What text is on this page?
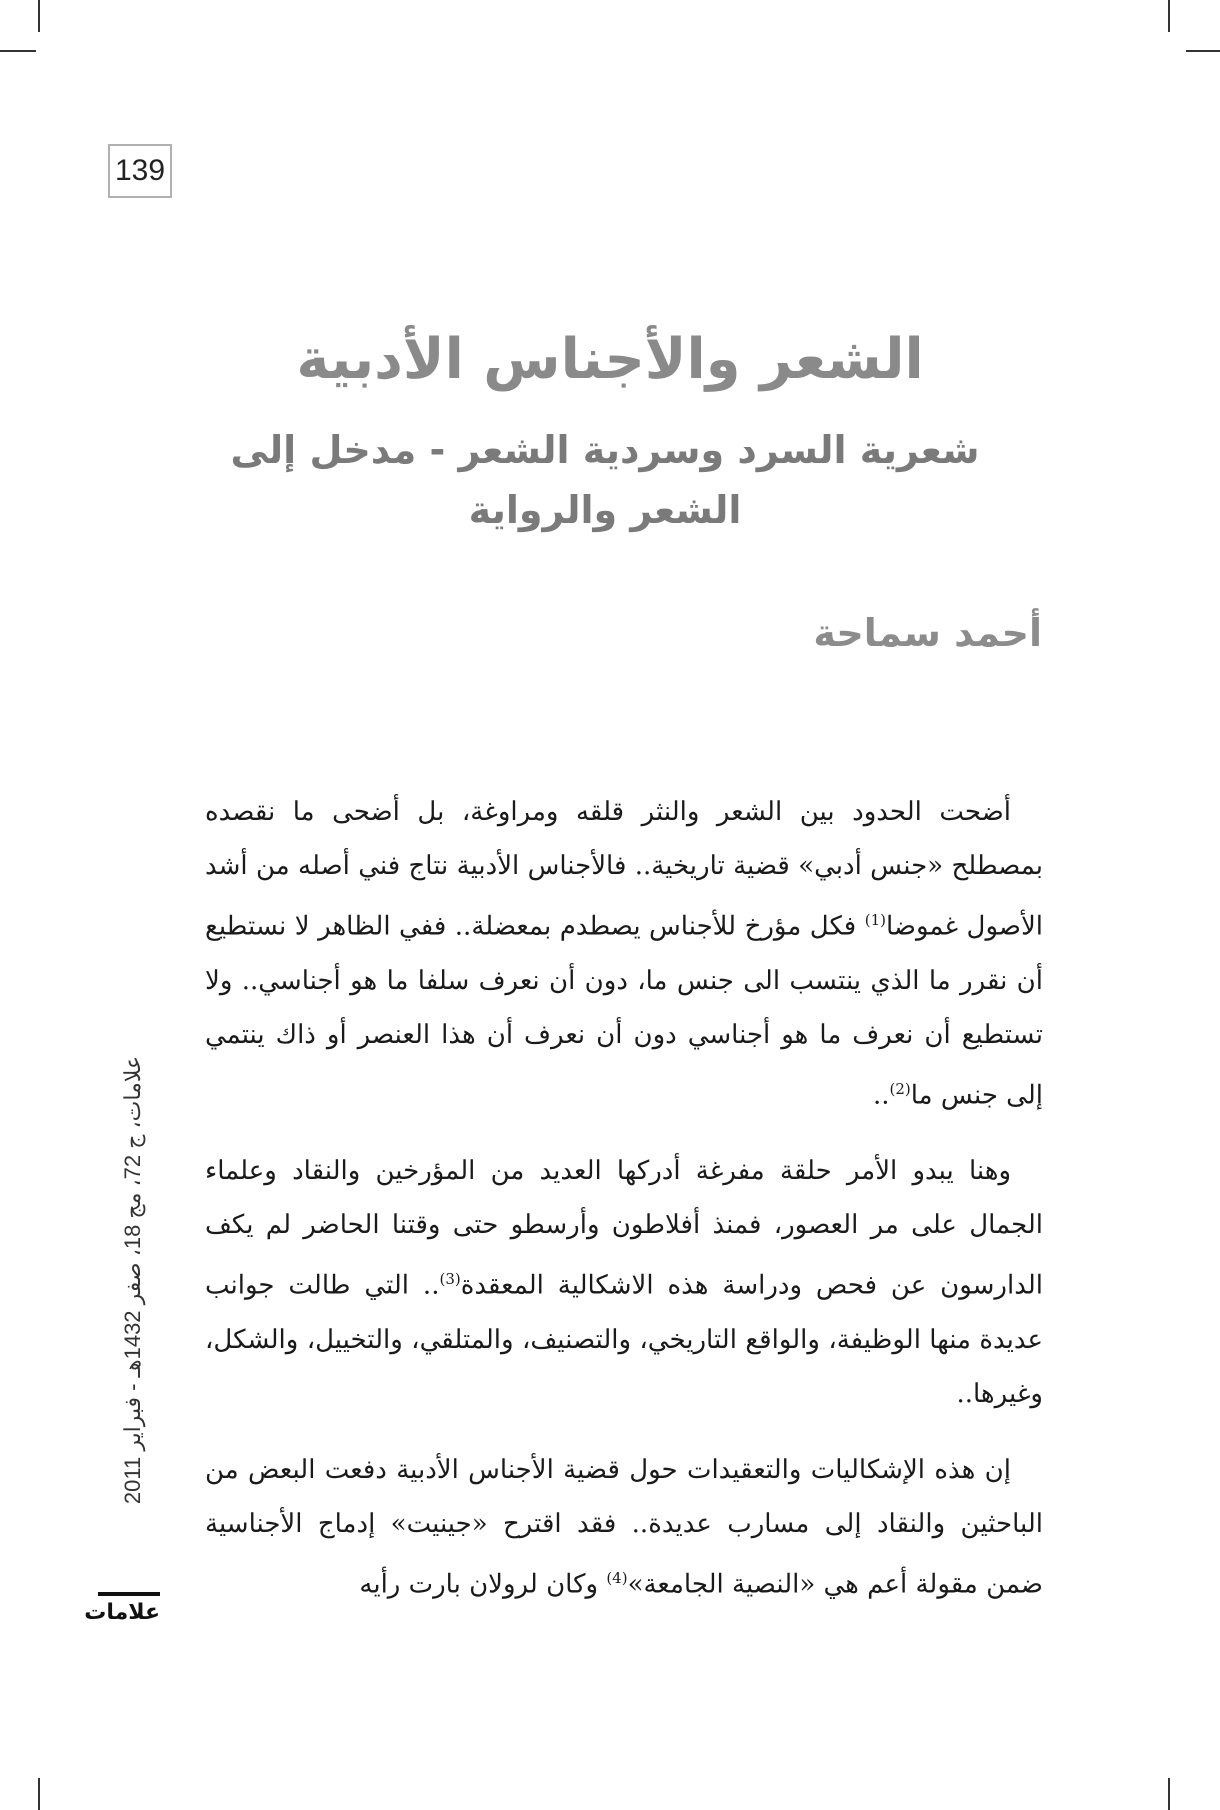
139
الشعر والأجناس الأدبية
شعرية السرد وسردية الشعر - مدخل إلى الشعر والرواية
أحمد سماحة

أضحت الحدود بين الشعر والنثر قلقه ومراوغة، بل أضحى ما نقصده بمصطلح «جنس أدبي» قضية تاريخية.. فالأجناس الأدبية نتاج فني أصله من أشد الأصول غموضا$^{(1)}$ فكل مؤرخ للأجناس يصطدم بمعضلة.. ففي الظاهر لا نستطيع أن نقرر ما الذي ينتسب الى جنس ما، دون أن نعرف سلفا ما هو أجناسي.. ولا تستطيع أن نعرف ما هو أجناسي دون أن نعرف أن هذا العنصر أو ذاك ينتمي إلى جنس ما$^{(2)}$..

وهنا يبدو الأمر حلقة مفرغة أدركها العديد من المؤرخين والنقاد وعلماء الجمال على مر العصور، فمنذ أفلاطون وأرسطو حتى وقتنا الحاضر لم يكف الدارسون عن فحص ودراسة هذه الاشكالية المعقدة$^{(3)}$.. التي طالت جوانب عديدة منها الوظيفة، والواقع التاريخي، والتصنيف، والمتلقي، والتخييل، والشكل، وغيرها..

إن هذه الإشكاليات والتعقيدات حول قضية الأجناس الأدبية دفعت البعض من الباحثين والنقاد إلى مسارب عديدة.. فقد اقترح «جينيت» إدماج الأجناسية ضمن مقولة أعم هي «النصية الجامعة»$^{(4)}$ وكان لرولان بارت رأيه

علامات، ج 72، مج 18، صفر 1432هـ - فبراير 2011
علامات
